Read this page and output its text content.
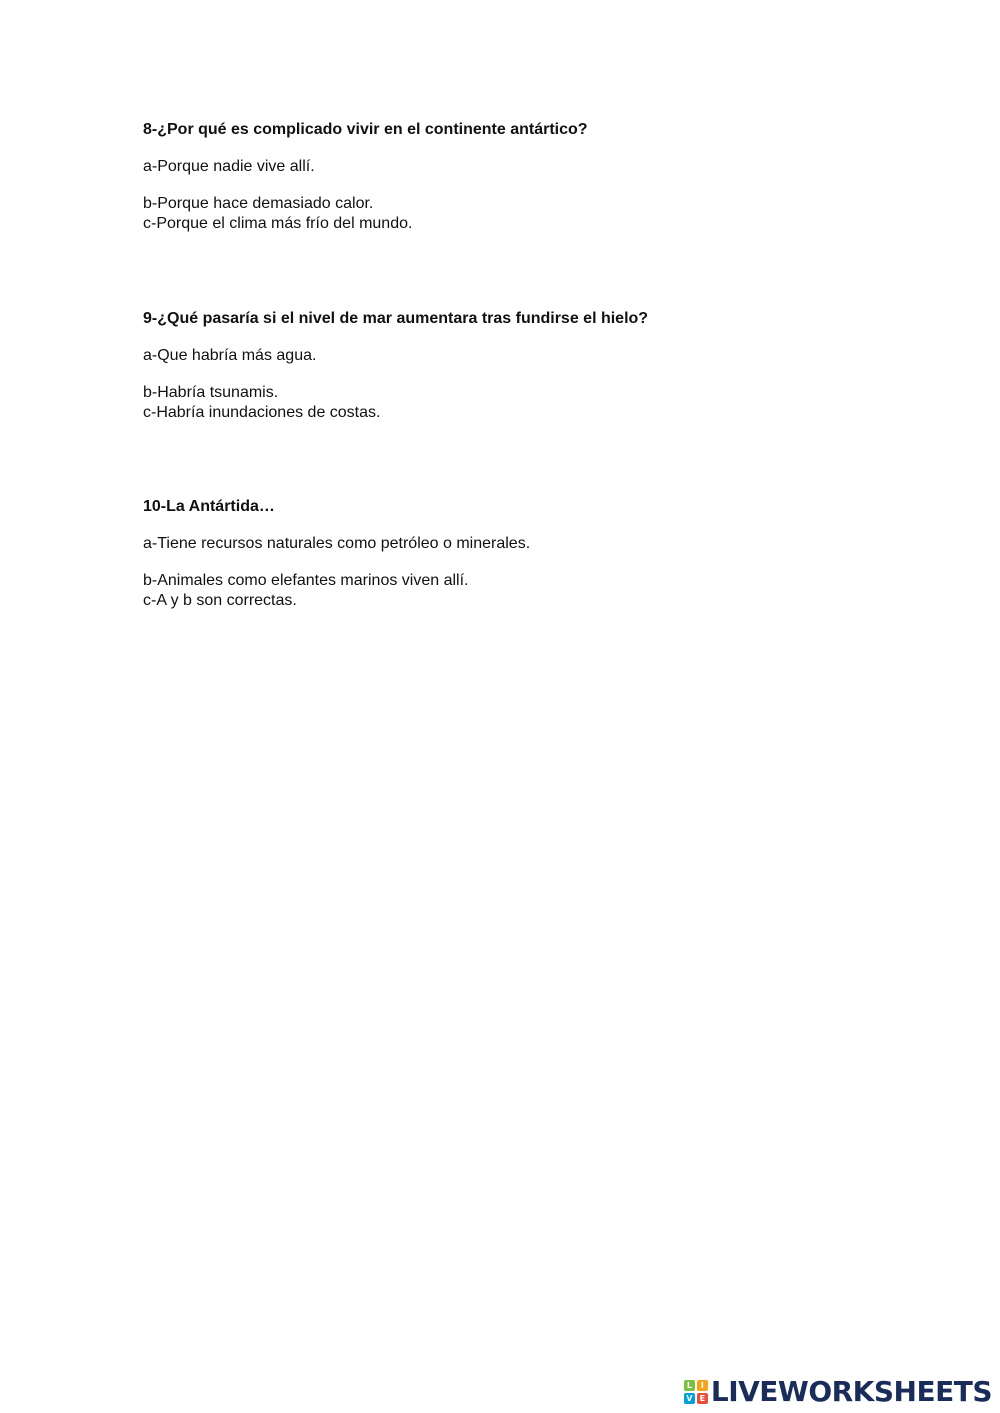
8-¿Por qué es complicado vivir en el continente antártico?

a-Porque nadie vive allí.

b-Porque hace demasiado calor.

c-Porque el clima más frío del mundo.

9-¿Qué pasaría si el nivel de mar aumentara tras fundirse el hielo?

a-Que habría más agua.

b-Habría tsunamis.

c-Habría inundaciones de costas.

10-La Antártida…

a-Tiene recursos naturales como petróleo o minerales.

b-Animales como elefantes marinos viven allí.

c-A y b son correctas.

L	I
V E LIVEWORKSHEETS
